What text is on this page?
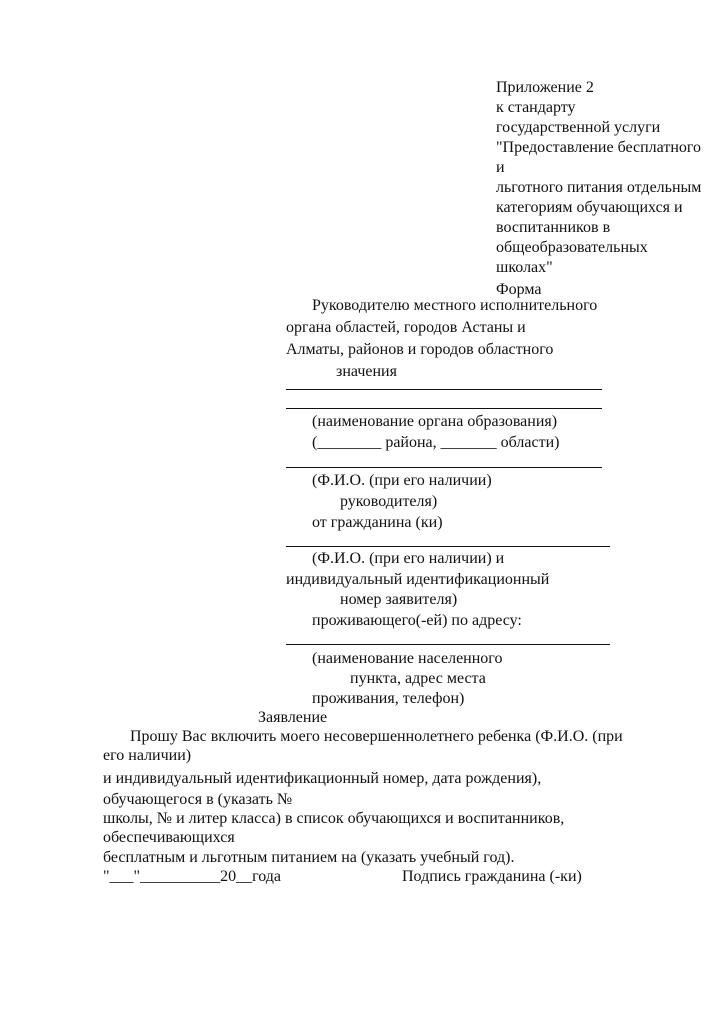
Приложение 2
к стандарту
государственной услуги
"Предоставление бесплатного
и
льготного питания отдельным
категориям обучающихся и
воспитанников в
общеобразовательных
школах"
Форма
Руководителю местного исполнительного
органа областей, городов Астаны и
Алматы, районов и городов областного
значения
(наименование органа образования)
(________ района, _______ области)
(Ф.И.О. (при его наличии)
руководителя)
от гражданина (ки)
(Ф.И.О. (при его наличии) и
индивидуальный идентификационный
номер заявителя)
проживающего(-ей) по адресу:
(наименование населенного
пункта, адрес места
проживания, телефон)
Заявление
Прошу Вас включить моего несовершеннолетнего ребенка (Ф.И.О. (при
его наличии)
и индивидуальный идентификационный номер, дата рождения),
обучающегося в (указать №
школы, № и литер класса) в список обучающихся и воспитанников,
обеспечивающихся
бесплатным и льготным питанием на (указать учебный год).
"___"__________20__года	Подпись гражданина (-ки)
